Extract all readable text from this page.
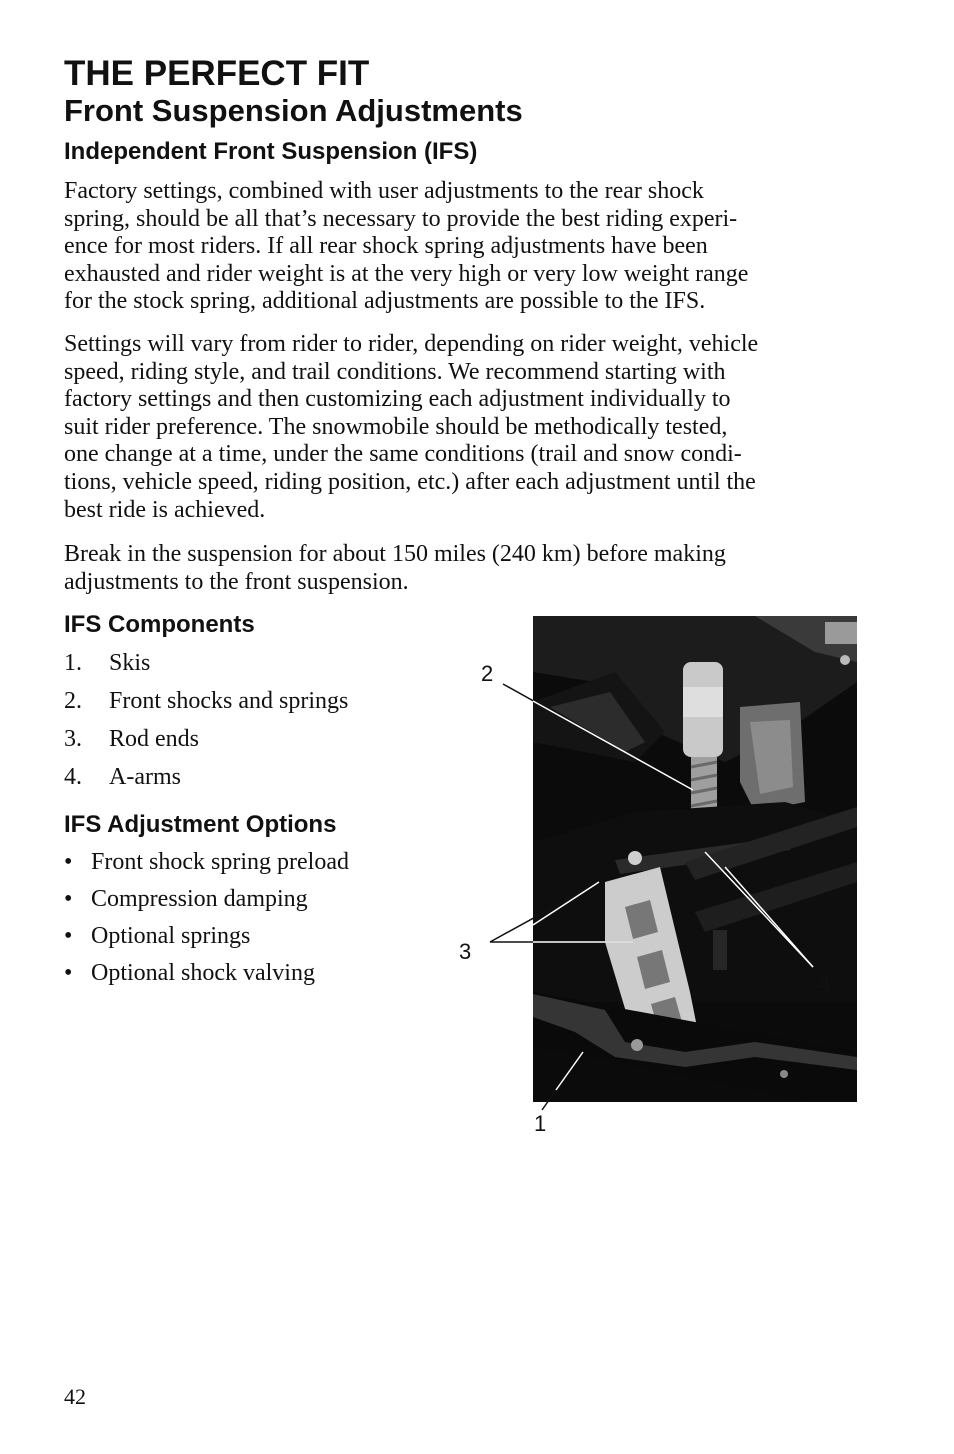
THE PERFECT FIT
Front Suspension Adjustments
Independent Front Suspension (IFS)
Factory settings, combined with user adjustments to the rear shock
spring, should be all that’s necessary to provide the best riding experi-
ence for most riders. If all rear shock spring adjustments have been
exhausted and rider weight is at the very high or very low weight range
for the stock spring, additional adjustments are possible to the IFS.
Settings will vary from rider to rider, depending on rider weight, vehicle
speed, riding style, and trail conditions. We recommend starting with
factory settings and then customizing each adjustment individually to
suit rider preference. The snowmobile should be methodically tested,
one change at a time, under the same conditions (trail and snow condi-
tions, vehicle speed, riding position, etc.) after each adjustment until the
best ride is achieved.
Break in the suspension for about 150 miles (240 km) before making
adjustments to the front suspension.
IFS Components
1. Skis
2. Front shocks and springs
3. Rod ends
4. A-arms
IFS Adjustment Options
• Front shock spring preload
• Compression damping
• Optional springs
• Optional shock valving
2
3
4
1
42
